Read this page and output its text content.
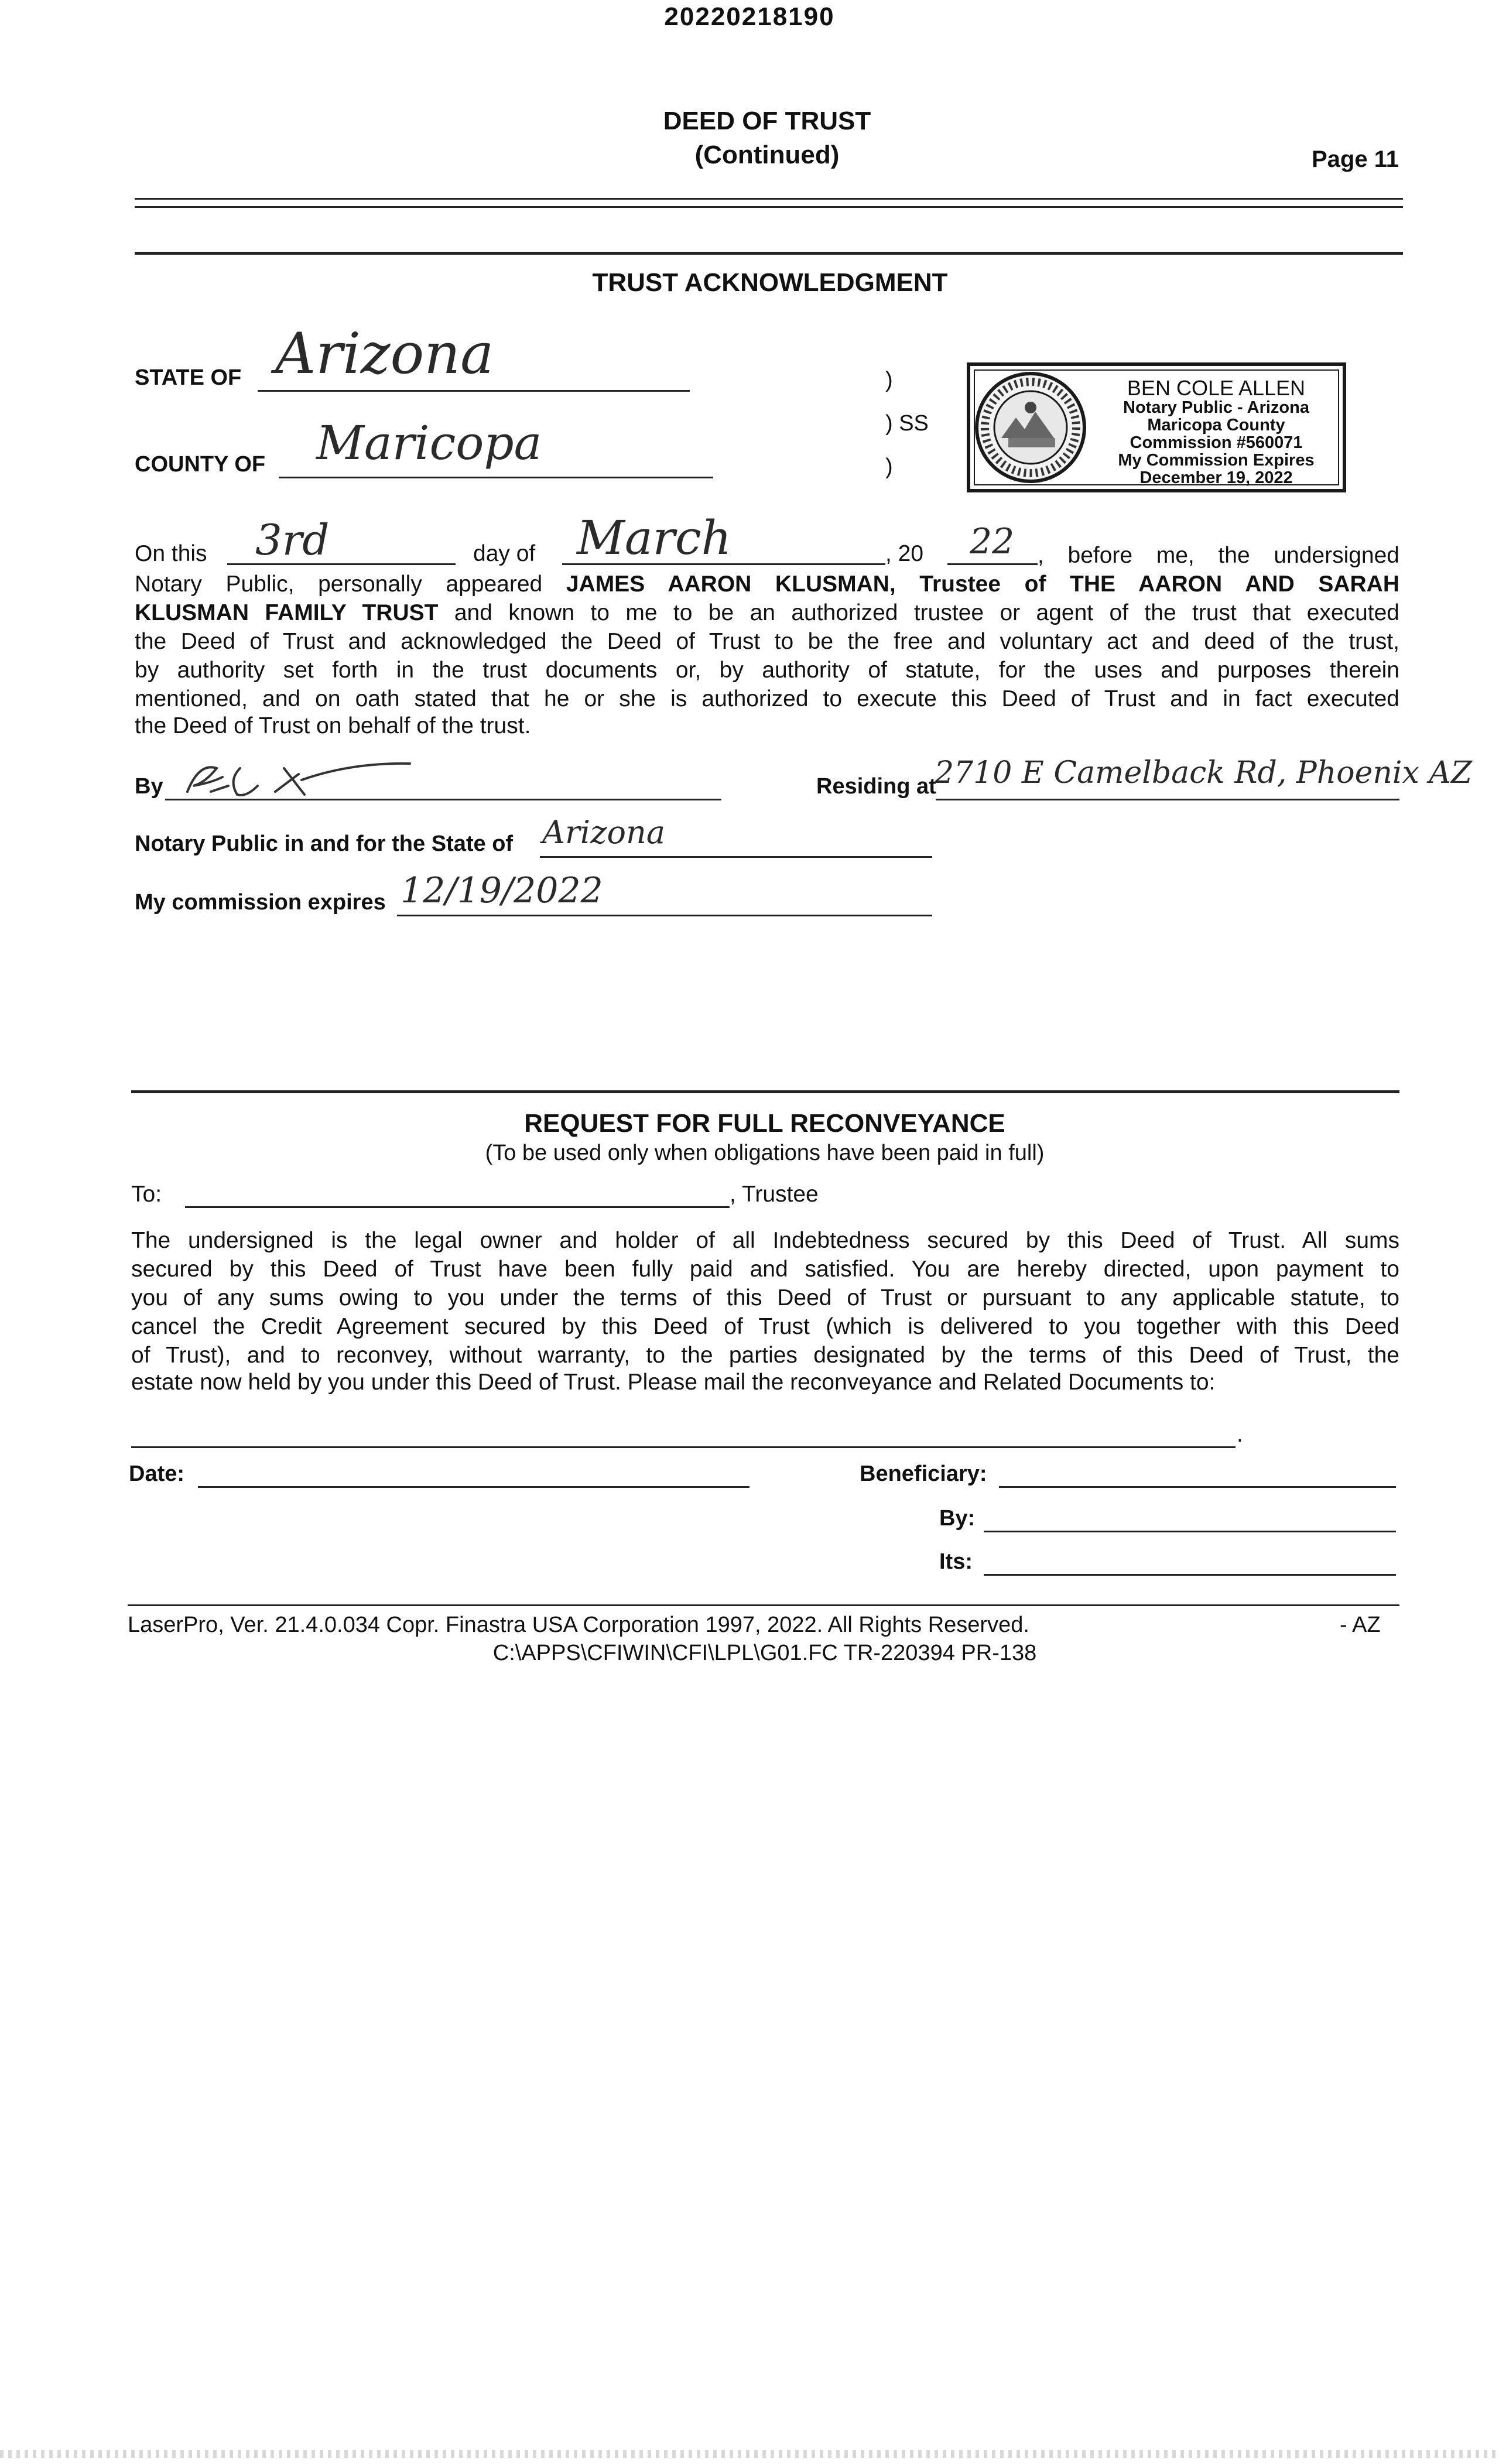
20220218190
DEED OF TRUST
(Continued)	Page 11
TRUST ACKNOWLEDGMENT
STATE OF Arizona
COUNTY OF Maricopa
)
) SS
)
BEN COLE ALLEN
Notary Public - Arizona
Maricopa County
Commission #560071
My Commission Expires
December 19, 2022
On this 3rd	day of March	, 20 22 , before me, the undersigned
Notary Public, personally appeared JAMES AARON KLUSMAN, Trustee of THE AARON AND SARAH
KLUSMAN FAMILY TRUST and known to me to be an authorized trustee or agent of the trust that executed
the Deed of Trust and acknowledged the Deed of Trust to be the free and voluntary act and deed of the trust,
by authority set forth in the trust documents or, by authority of statute, for the uses and purposes therein
mentioned, and on oath stated that he or she is authorized to execute this Deed of Trust and in fact executed
the Deed of Trust on behalf of the trust.
By	Residing at
2710 E Camelback Rd, Phoenix AZ
Notary Public in and for the State of Arizona
My commission expires 12/19/2022
REQUEST FOR FULL RECONVEYANCE
(To be used only when obligations have been paid in full)
To:	, Trustee
The undersigned is the legal owner and holder of all Indebtedness secured by this Deed of Trust. All sums
secured by this Deed of Trust have been fully paid and satisfied. You are hereby directed, upon payment to
you of any sums owing to you under the terms of this Deed of Trust or pursuant to any applicable statute, to
cancel the Credit Agreement secured by this Deed of Trust (which is delivered to you together with this Deed
of Trust), and to reconvey, without warranty, to the parties designated by the terms of this Deed of Trust, the
estate now held by you under this Deed of Trust. Please mail the reconveyance and Related Documents to:
.
Date:	Beneficiary:
By:
Its:
LaserPro, Ver. 21.4.0.034 Copr. Finastra USA Corporation 1997, 2022. All Rights Reserved.	- AZ
C:\APPS\CFIWIN\CFI\LPL\G01.FC TR-220394 PR-138
